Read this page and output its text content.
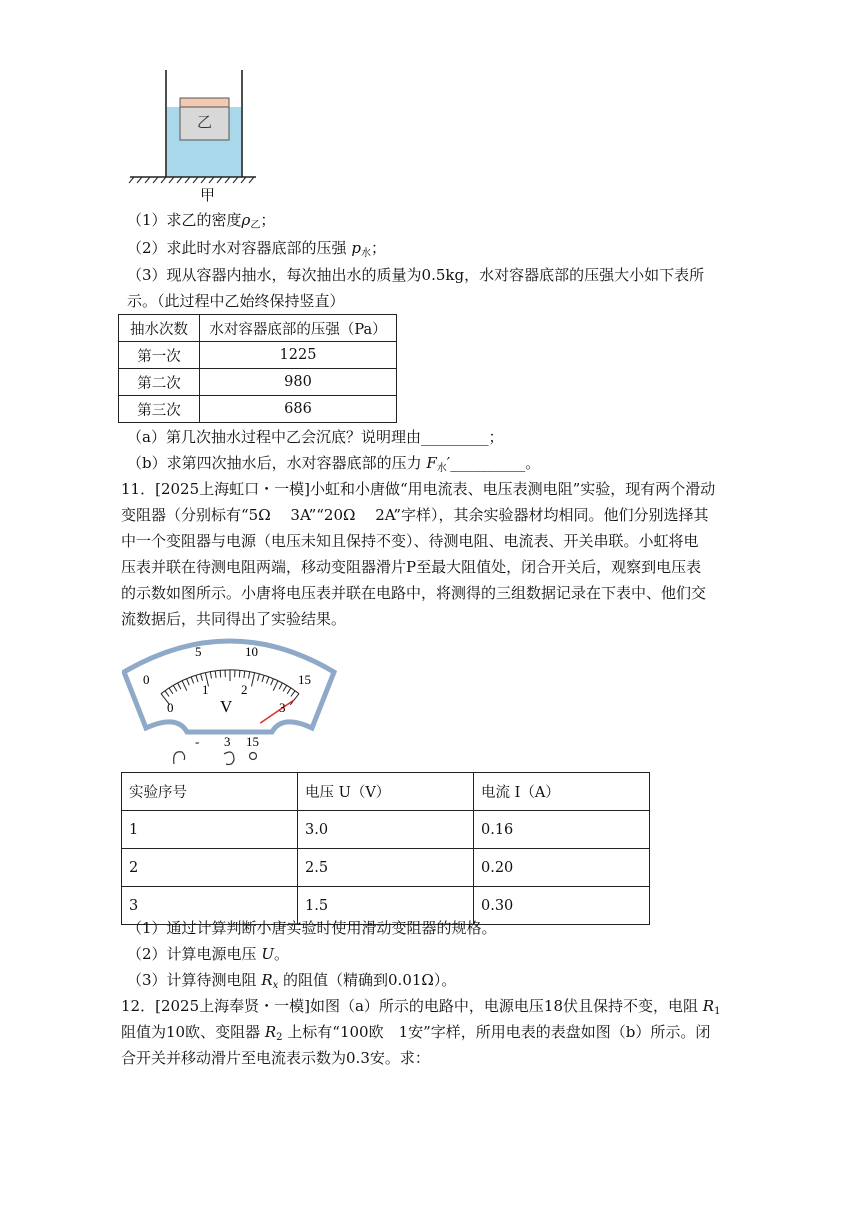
乙
甲
（1）求乙的密度$\rho_乙$；
（2）求此时水对容器底部的压强 $p_水$；
（3）现从容器内抽水，每次抽出水的质量为0.5kg，水对容器底部的压强大小如下表所
示。（此过程中乙始终保持竖直）
抽水次数	水对容器底部的压强（Pa）
第一次	1225
第二次	980
第三次	686
（a）第几次抽水过程中乙会沉底？说明理由_________；
（b）求第四次抽水后，水对容器底部的压力 $F_水'\_\_\_\_\_\_\_\_\_\_$。
11．[2025上海虹口・一模]小虹和小唐做“用电流表、电压表测电阻”实验，现有两个滑动
变阻器（分别标有“5Ω　 3A”“20Ω　 2A”字样），其余实验器材均相同。他们分别选择其
中一个变阻器与电源（电压未知且保持不变）、待测电阻、电流表、开关串联。小虹将电
压表并联在待测电阻两端，移动变阻器滑片P至最大阻值处，闭合开关后，观察到电压表
的示数如图所示。小唐将电压表并联在电路中，将测得的三组数据记录在下表中、他们交
流数据后，共同得出了实验结果。
0
5	10
15
0
1	2
3
V
- 3 15
实验序号	电压 U（V）	电流 I（A）
1	3.0	0.16
2	2.5	0.20
3	1.5	0.30
（1）通过计算判断小唐实验时使用滑动变阻器的规格。
（2）计算电源电压 U。
（3）计算待测电阻 $R_x$ 的阻值（精确到0.01Ω）。
12．[2025上海奉贤・一模]如图（a）所示的电路中，电源电压18伏且保持不变，电阻 $R_1$
阻值为10欧、变阻器 $R_2$ 上标有“100欧　1安”字样，所用电表的表盘如图（b）所示。闭
合开关并移动滑片至电流表示数为0.3安。求：
